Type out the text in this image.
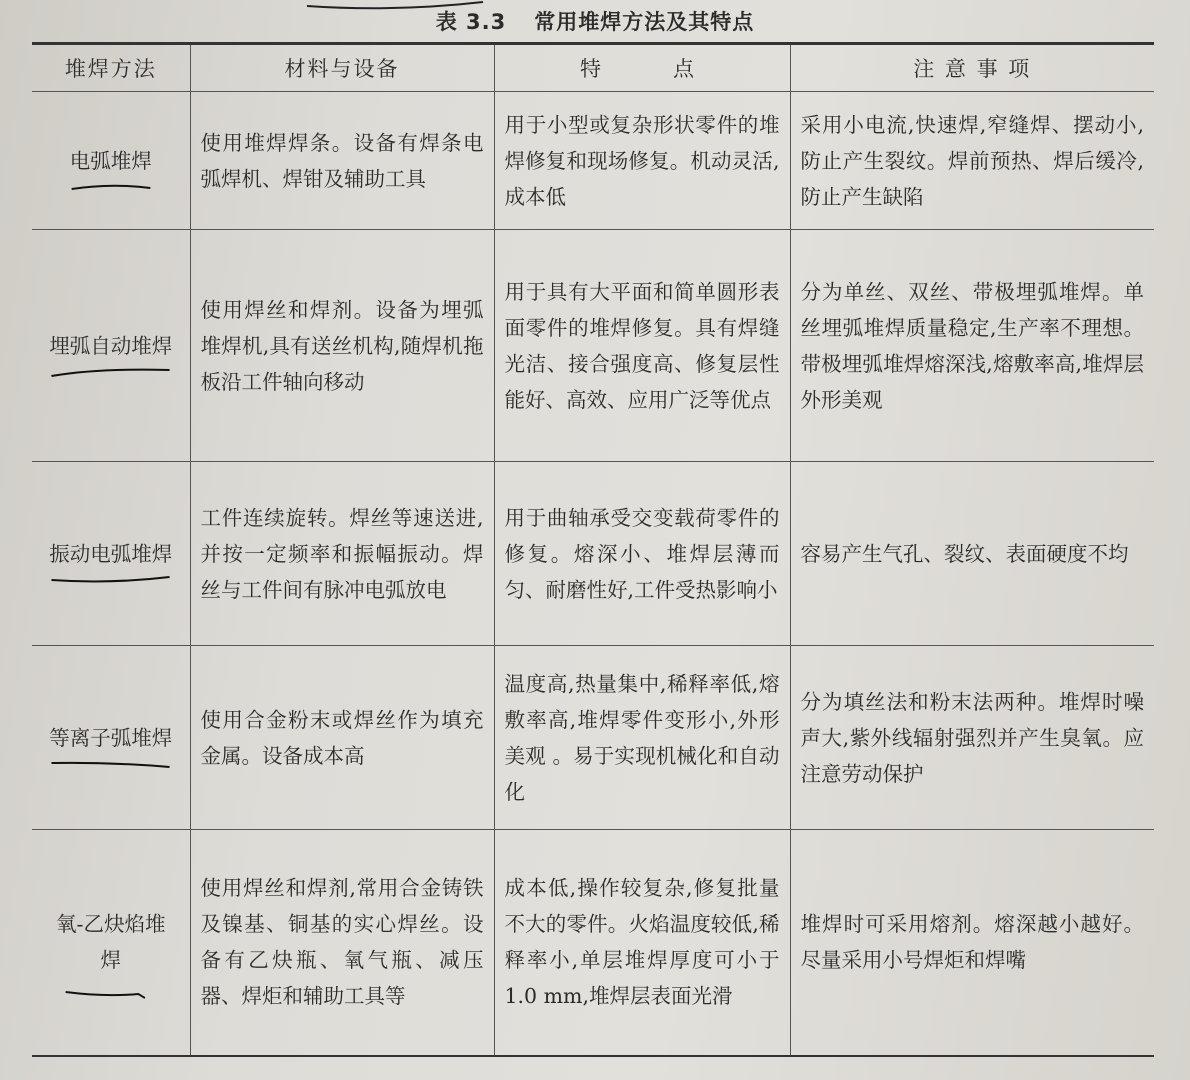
表 3.3 常用堆焊方法及其特点
堆焊方法	材料与设备	特　　点	注 意 事 项
电弧堆焊	使用堆焊焊条。设备有焊条电弧焊机、焊钳及辅助工具	用于小型或复杂形状零件的堆焊修复和现场修复。机动灵活,成本低	采用小电流,快速焊,窄缝焊、摆动小,防止产生裂纹。焊前预热、焊后缓冷,防止产生缺陷
埋弧自动堆焊	使用焊丝和焊剂。设备为埋弧堆焊机,具有送丝机构,随焊机拖板沿工件轴向移动	用于具有大平面和简单圆形表面零件的堆焊修复。具有焊缝光洁、接合强度高、修复层性能好、高效、应用广泛等优点	分为单丝、双丝、带极埋弧堆焊。单丝埋弧堆焊质量稳定,生产率不理想。带极埋弧堆焊熔深浅,熔敷率高,堆焊层外形美观
振动电弧堆焊	工件连续旋转。焊丝等速送进,并按一定频率和振幅振动。焊丝与工件间有脉冲电弧放电	用于曲轴承受交变载荷零件的修复。熔深小、堆焊层薄而匀、耐磨性好,工件受热影响小	容易产生气孔、裂纹、表面硬度不均
等离子弧堆焊	使用合金粉末或焊丝作为填充金属。设备成本高	温度高,热量集中,稀释率低,熔敷率高,堆焊零件变形小,外形美观 。易于实现机械化和自动化	分为填丝法和粉末法两种。堆焊时噪声大,紫外线辐射强烈并产生臭氧。应注意劳动保护
氧-乙炔焰堆焊	使用焊丝和焊剂,常用合金铸铁及镍基、铜基的实心焊丝。设备有乙炔瓶、氧气瓶、减压器、焊炬和辅助工具等	成本低,操作较复杂,修复批量不大的零件。火焰温度较低,稀释率小,单层堆焊厚度可小于 1.0 mm,堆焊层表面光滑	堆焊时可采用熔剂。熔深越小越好。尽量采用小号焊炬和焊嘴
